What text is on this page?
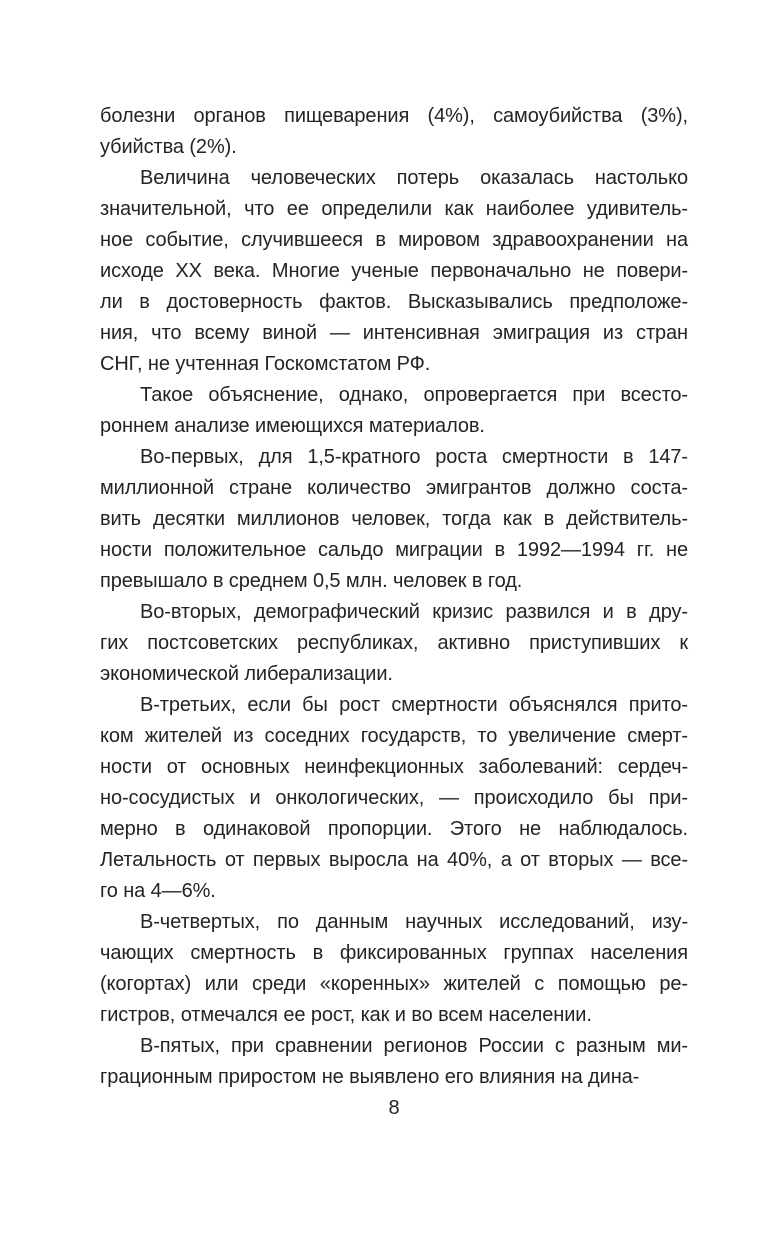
болезни органов пищеварения (4%), самоубийства (3%),
убийства (2%).
Величина человеческих потерь оказалась настолько
значительной, что ее определили как наиболее удивитель-
ное событие, случившееся в мировом здравоохранении на
исходе XX века. Многие ученые первоначально не повери-
ли в достоверность фактов. Высказывались предположе-
ния, что всему виной — интенсивная эмиграция из стран
СНГ, не учтенная Госкомстатом РФ.
Такое объяснение, однако, опровергается при всесто-
роннем анализе имеющихся материалов.
Во-первых, для 1,5-кратного роста смертности в 147-
миллионной стране количество эмигрантов должно соста-
вить десятки миллионов человек, тогда как в действитель-
ности положительное сальдо миграции в 1992—1994 гг. не
превышало в среднем 0,5 млн. человек в год.
Во-вторых, демографический кризис развился и в дру-
гих постсоветских республиках, активно приступивших к
экономической либерализации.
В-третьих, если бы рост смертности объяснялся прито-
ком жителей из соседних государств, то увеличение смерт-
ности от основных неинфекционных заболеваний: сердеч-
но-сосудистых и онкологических, — происходило бы при-
мерно в одинаковой пропорции. Этого не наблюдалось.
Летальность от первых выросла на 40%, а от вторых — все-
го на 4—6%.
В-четвертых, по данным научных исследований, изу-
чающих смертность в фиксированных группах населения
(когортах) или среди «коренных» жителей с помощью ре-
гистров, отмечался ее рост, как и во всем населении.
В-пятых, при сравнении регионов России с разным ми-
грационным приростом не выявлено его влияния на дина-
8
